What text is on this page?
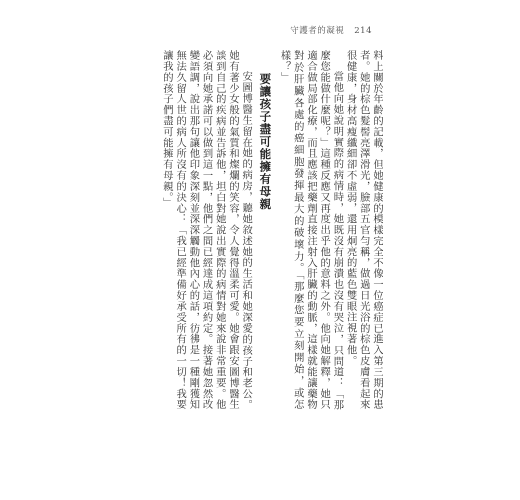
守護者的凝視 214

料上關於年齡的記載，但她健康的模樣完全不像一位癌症已進入第三期的患者。她的棕色髮髻亮澤滑光，臉部五官勻稱，做過日光浴的棕色皮膚看起來很健康，身材高瘦纖細卻不虛弱，還用炯亮的藍色雙眼注視著他。

當他向她說明實際的病情時，她既沒有崩潰也沒有哭泣，只問道：「那麼您能做什麼呢？」這種反應又再度出乎他的意料之外。他向她解釋，她只適合做局部化療，而且應該把藥劑直接注射入肝臟的動脈，這樣就能讓藥物對於肝臟各處的癌細胞發揮最大的破壞力。「那麼您要立刻開始，或怎樣？」

要讓孩子盡可能擁有母親

安圖博醫生留在她的病房，聽她敘述她的生活和她深愛的孩子和老公。她有著少女般的氣質和燦爛的笑容，令人覺得溫柔可愛。她會跟安圖博醫生談到自己的疾病並告訴他，坦白對她說出實際的病情對她來說非常重要。他必須向她承諾可以做到這一點，他們之間已經達成這項約定。接著她忽然改變語調，說出那句讓他印象深刻並深深觸動他內心的話，彷彿是一種剛獲知無法久留人世的病人所沒有的決心：「我已經準備好承受所有的一切！我要讓我的孩子們盡可能擁有母親。」
